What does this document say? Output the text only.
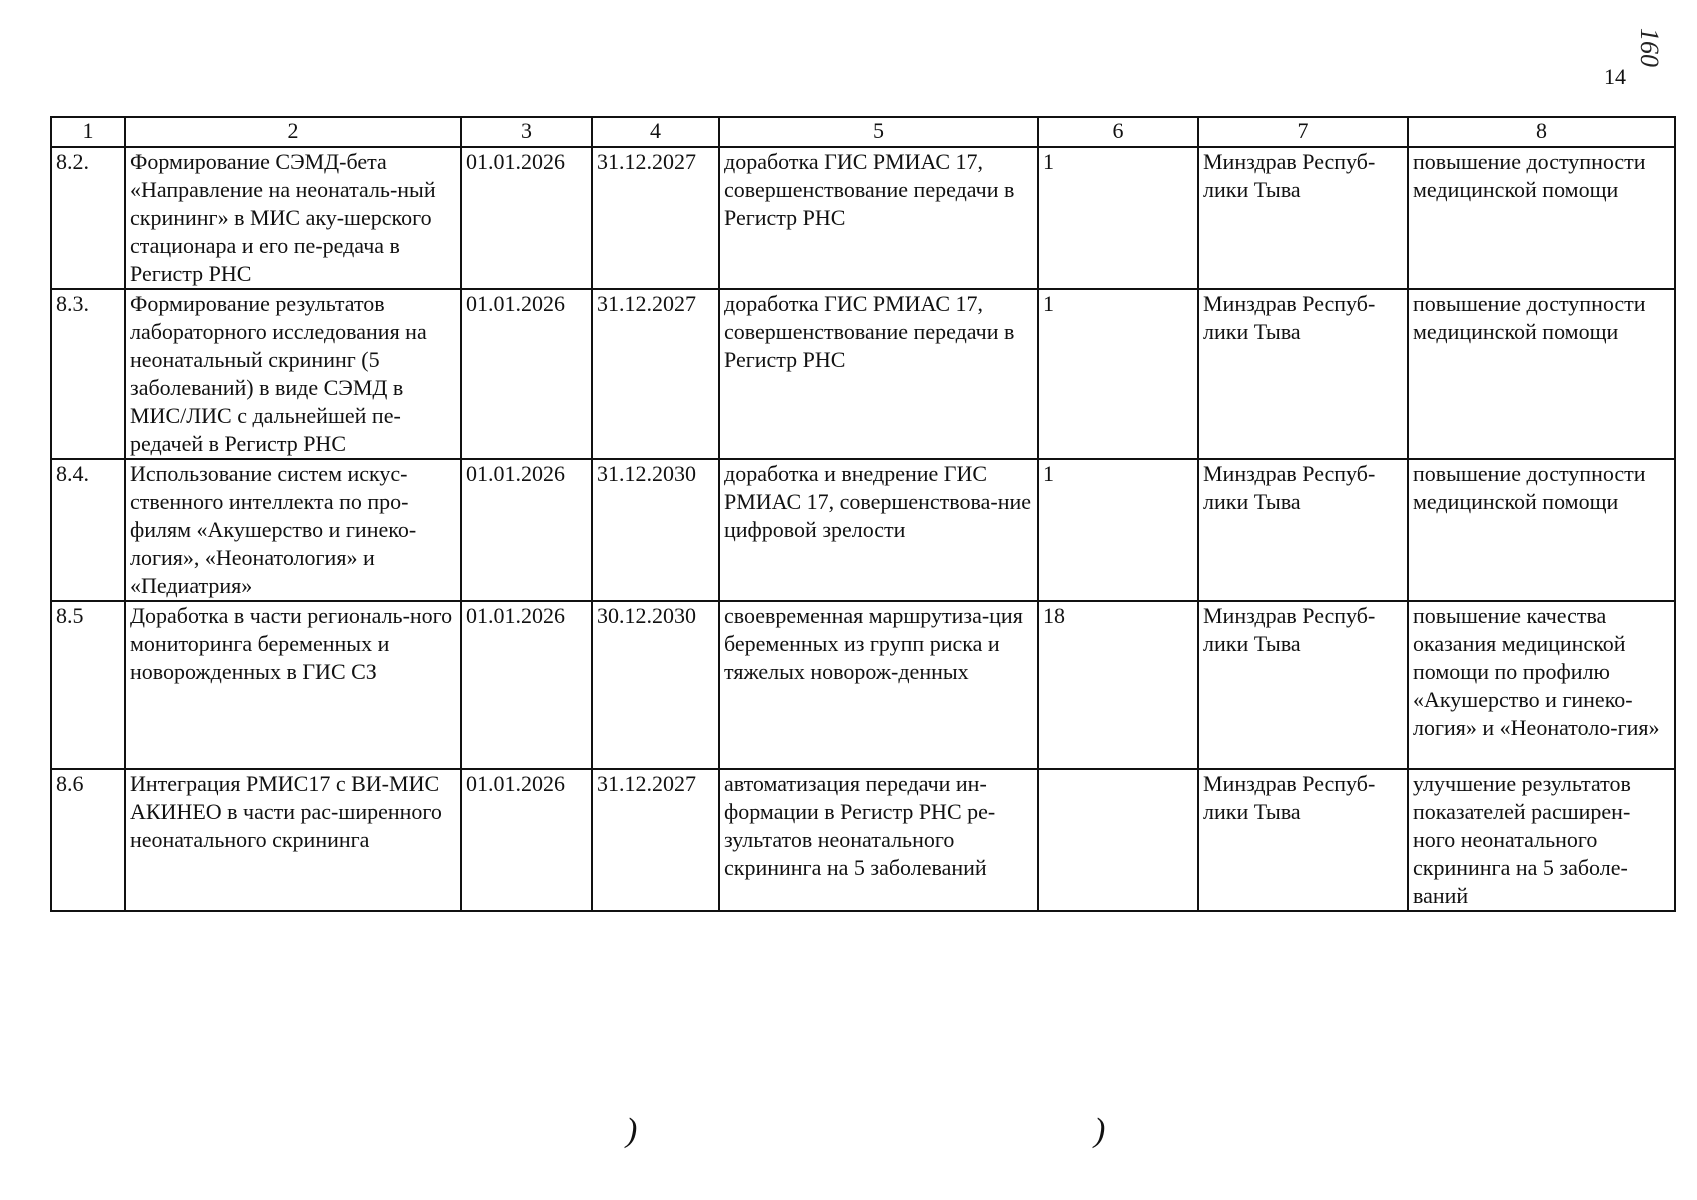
14
160
1	2	3	4	5	6	7	8
8.2.	Формирование СЭМД-бета «Направление на неонаталь-ный скрининг» в МИС аку-шерского стационара и его пе-редача в Регистр РНС	01.01.2026	31.12.2027	доработка ГИС РМИАС 17, совершенствование передачи в Регистр РНС	1	Минздрав Респуб-лики Тыва	повышение доступности медицинской помощи
8.3.	Формирование результатов лабораторного исследования на неонатальный скрининг (5 заболеваний) в виде СЭМД в МИС/ЛИС с дальнейшей пе-редачей в Регистр РНС	01.01.2026	31.12.2027	доработка ГИС РМИАС 17, совершенствование передачи в Регистр РНС	1	Минздрав Респуб-лики Тыва	повышение доступности медицинской помощи
8.4.	Использование систем искус-ственного интеллекта по про-филям «Акушерство и гинеко-логия», «Неонатология» и «Педиатрия»	01.01.2026	31.12.2030	доработка и внедрение ГИС РМИАС 17, совершенствова-ние цифровой зрелости	1	Минздрав Респуб-лики Тыва	повышение доступности медицинской помощи
8.5	Доработка в части региональ-ного мониторинга беременных и новорожденных в ГИС СЗ	01.01.2026	30.12.2030	своевременная маршрутиза-ция беременных из групп риска и тяжелых новорож-денных	18	Минздрав Респуб-лики Тыва	повышение качества оказания медицинской помощи по профилю «Акушерство и гинеко-логия» и «Неонатоло-гия»
8.6	Интеграция РМИС17 с ВИ-МИС АКИНЕО в части рас-ширенного неонатального скрининга	01.01.2026	31.12.2027	автоматизация передачи ин-формации в Регистр РНС ре-зультатов неонатального скрининга на 5 заболеваний		Минздрав Респуб-лики Тыва	улучшение результатов показателей расширен-ного неонатального скрининга на 5 заболе-ваний
)	)
